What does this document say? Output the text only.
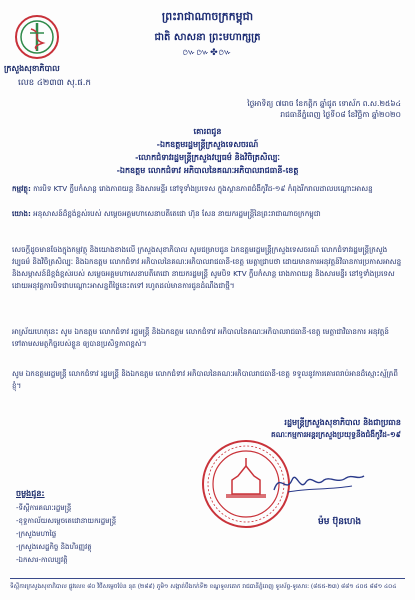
ក្រសួងសុខាភិបាល
លេខ ៤២៣៣ សុ.ផ.ក
ព្រះរាជាណាចក្រកម្ពុជា
ជាតិ សាសនា ព្រះមហាក្សត្រ
៚៚✤៚
ថ្ងៃអាទិត្យ ៧រោច ខែកត្តិក ឆ្នាំជូត ទោស័ក ព.ស.២៥៦៤
រាជធានីភ្នំពេញ ថ្ងៃទី០៨ ខែវិច្ឆិកា ឆ្នាំ២០២០
គោរពជូន
-ឯកឧត្តមរដ្ឋមន្ត្រីក្រសួងទេសចរណ៍
-លោកជំទាវរដ្ឋមន្ត្រីក្រសួងវប្បធម៌ និងវិចិត្រសិល្បៈ
-ឯកឧត្តម លោកជំទាវ អភិបាលនៃគណៈអភិបាលរាជធានី-ខេត្ត
កម្មវត្ថុ: ការបិទ KTV ក្លឹបកំសាន្ត រោងភាពយន្ត និងសារមន្ទីរ នៅទូទាំងប្រទេស ក្នុងស្ថានភាពជំងឺកូវីដ-១៩ កំពុងរីករាលដាលបណ្តោះអាសន្ន
យោង: អនុសាសន៍ដ៏ខ្ពង់ខ្ពស់របស់ សម្តេចអគ្គមហាសេនាបតីតេជោ ហ៊ុន សែន នាយករដ្ឋមន្ត្រីនៃព្រះរាជាណាចក្រកម្ពុជា
សេចក្តីដូចមានចែងក្នុងកម្មវត្ថុ និងយោងខាងលើ ក្រសួងសុខាភិបាល សូមជម្រាបជូន ឯកឧត្តមរដ្ឋមន្ត្រីក្រសួងទេសចរណ៍ លោកជំទាវរដ្ឋមន្ត្រីក្រសួងវប្បធម៌ និងវិចិត្រសិល្បៈ និងឯកឧត្តម លោកជំទាវ អភិបាលនៃគណៈអភិបាលរាជធានី-ខេត្ត មេត្តាជ្រាបថា ដោយមានការអនុវត្តន៍វិធានការប្រកាសអាសន្ន និងសម្ភាសន៍ដ៏ខ្ពង់ខ្ពស់របស់ សម្តេចអគ្គមហាសេនាបតីតេជោ នាយករដ្ឋមន្ត្រី សូមបិទ KTV ក្លឹបកំសាន្ត រោងភាពយន្ត និងសារមន្ទីរ នៅទូទាំងប្រទេស ដោយអនុវត្តការបិទជាបណ្តោះអាសន្នពីថ្ងៃនេះតទៅ រហូតដល់មានការជូនដំណឹងជាថ្មី។
អាស្រ័យហេតុនេះ សូម ឯកឧត្តម លោកជំទាវ រដ្ឋមន្ត្រី និងឯកឧត្តម លោកជំទាវ អភិបាលនៃគណៈអភិបាលរាជធានី-ខេត្ត មេត្តាជាវិធានការ អនុវត្តន៍ទៅតាមសមត្ថកិច្ចរបស់ខ្លួន ឲ្យបានប្រសិទ្ធភាពខ្ពស់។
សូម ឯកឧត្តមរដ្ឋមន្ត្រី លោកជំទាវ រដ្ឋមន្ត្រី និងឯកឧត្តម លោកជំទាវ អភិបាលនៃគណៈអភិបាលរាជធានី-ខេត្ត ទទួលនូវការគោរពរាប់អានដ៏ស្មោះស្ម័គ្រពីខ្ញុំ។
រដ្ឋមន្ត្រីក្រសួងសុខាភិបាល និងជាប្រធាន
គណៈកម្មការអន្តរក្រសួងប្រយុទ្ធនឹងជំងឺកូវីដ-១៩
ម៉ម ប៊ុនហេង
ចម្លងជូន:
-ទីស្តីការគណៈរដ្ឋមន្ត្រី
-ខុទ្ទកាល័យសម្តេចតេជោនាយករដ្ឋមន្ត្រី
-ក្រសួងមហាផ្ទៃ
-ក្រសួងសេដ្ឋកិច្ច និងហិរញ្ញវត្ថុ
-ឯកសារ-កាលប្បវត្តិ
ទីស្តីការក្រសួងសុខាភិបាល ផ្លូវលេខ ៨០ វិថីសម្តេចប៉ែន នុត (២៨៩) ភូមិ១ សង្កាត់បឹងកក់ទី២ ខណ្ឌទួលគោក រាជធានីភ្នំពេញ ទូរស័ព្ទ-ទូរសារ: (៨៥៥-២៣) ៨៨១ ៤០៥ ៨៨១ ៤០៤
